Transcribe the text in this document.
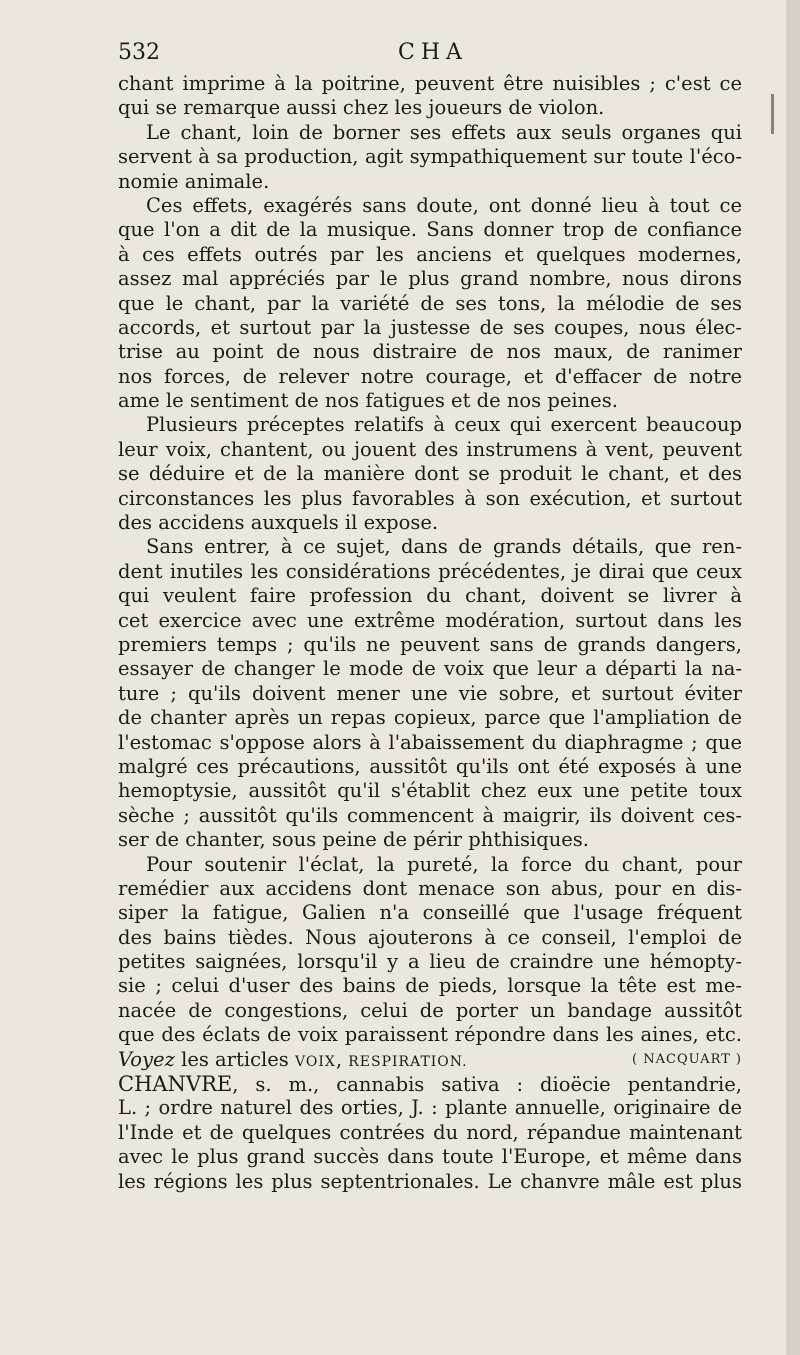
532	CHA
chant imprime à la poitrine, peuvent être nuisibles ; c'est ce
qui se remarque aussi chez les joueurs de violon.
Le chant, loin de borner ses effets aux seuls organes qui
servent à sa production, agit sympathiquement sur toute l'éco-
nomie animale.
Ces effets, exagérés sans doute, ont donné lieu à tout ce
que l'on a dit de la musique. Sans donner trop de confiance
à ces effets outrés par les anciens et quelques modernes,
assez mal appréciés par le plus grand nombre, nous dirons
que le chant, par la variété de ses tons, la mélodie de ses
accords, et surtout par la justesse de ses coupes, nous élec-
trise au point de nous distraire de nos maux, de ranimer
nos forces, de relever notre courage, et d'effacer de notre
ame le sentiment de nos fatigues et de nos peines.
Plusieurs préceptes relatifs à ceux qui exercent beaucoup
leur voix, chantent, ou jouent des instrumens à vent, peuvent
se déduire et de la manière dont se produit le chant, et des
circonstances les plus favorables à son exécution, et surtout
des accidens auxquels il expose.
Sans entrer, à ce sujet, dans de grands détails, que ren-
dent inutiles les considérations précédentes, je dirai que ceux
qui veulent faire profession du chant, doivent se livrer à
cet exercice avec une extrême modération, surtout dans les
premiers temps ; qu'ils ne peuvent sans de grands dangers,
essayer de changer le mode de voix que leur a départi la na-
ture ; qu'ils doivent mener une vie sobre, et surtout éviter
de chanter après un repas copieux, parce que l'ampliation de
l'estomac s'oppose alors à l'abaissement du diaphragme ; que
malgré ces précautions, aussitôt qu'ils ont été exposés à une
hemoptysie, aussitôt qu'il s'établit chez eux une petite toux
sèche ; aussitôt qu'ils commencent à maigrir, ils doivent ces-
ser de chanter, sous peine de périr phthisiques.
Pour soutenir l'éclat, la pureté, la force du chant, pour
remédier aux accidens dont menace son abus, pour en dis-
siper la fatigue, Galien n'a conseillé que l'usage fréquent
des bains tièdes. Nous ajouterons à ce conseil, l'emploi de
petites saignées, lorsqu'il y a lieu de craindre une hémopty-
sie ; celui d'user des bains de pieds, lorsque la tête est me-
nacée de congestions, celui de porter un bandage aussitôt
que des éclats de voix paraissent répondre dans les aines, etc.
Voyez les articles VOIX, RESPIRATION.	( NACQUART )
CHANVRE, s. m., cannabis sativa : dioëcie pentandrie,
L. ; ordre naturel des orties, J. : plante annuelle, originaire de
l'Inde et de quelques contrées du nord, répandue maintenant
avec le plus grand succès dans toute l'Europe, et même dans
les régions les plus septentrionales. Le chanvre mâle est plus
